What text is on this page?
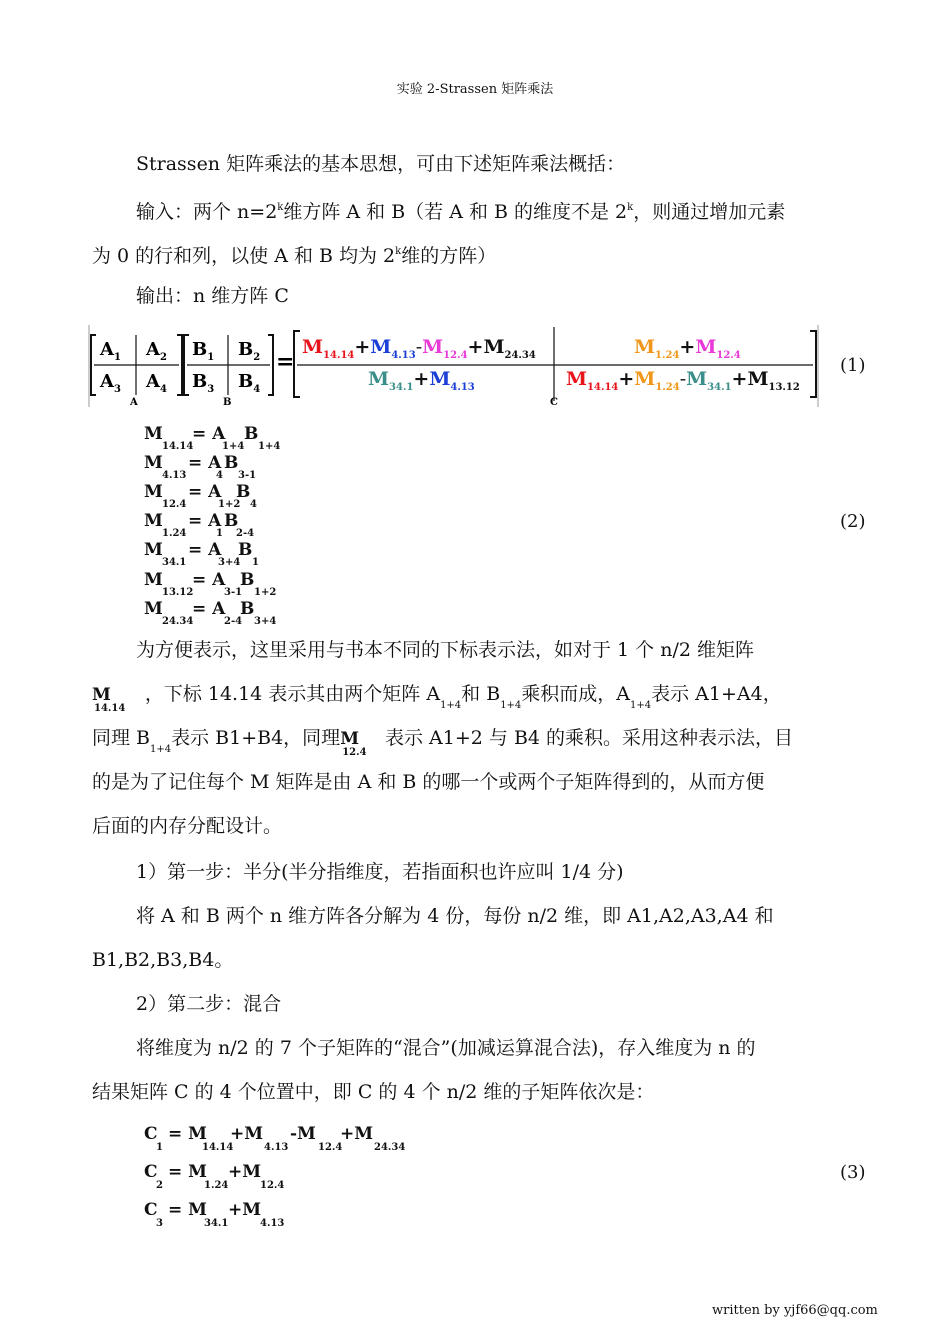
实验 2-Strassen 矩阵乘法
Strassen 矩阵乘法的基本思想，可由下述矩阵乘法概括：
输入：两个 $n=2^k$维方阵 A 和 B（若 A 和 B 的维度不是 2$^k$，则通过增加元素
为 0 的行和列，以使 A 和 B 均为 2$^k$维的方阵）
输出：n 维方阵 C
$A_1$ $A_2$
$A_3$ $A_4$
A
$B_1$ $B_2$
$B_3$ $B_4$
B
=
$M_{14.14}+M_{4.13}-M_{12.4}+M_{24.34}$	$M_{1.24}+M_{12.4}$
$M_{34.1}+M_{4.13}$	$M_{14.14}+M_{1.24}-M_{34.1}+M_{13.12}$
C
(1)
M
14.14
= A
1+4
B
1+4
M
4.13
= A
4
B
3-1
M
12.4
= A
1+2
B
4
M
1.24
= A
1
B
2-4
M
34.1
= A
3+4
B
1
M
13.12
= A
3-1
B
1+2
M
24.34
= A
2-4
B
3+4
(2)
为方便表示，这里采用与书本不同的下标表示法，如对于 1 个 n/2 维矩阵
M
14.14
，下标 14.14 表示其由两个矩阵 $A_{1+4}$和 $B_{1+4}$乘积而成，$A_{1+4}$表示 A1+A4，
同理 $B_{1+4}$表示 B1+B4，同理M
12.4
表示 A1+2 与 B4 的乘积。采用这种表示法，目
的是为了记住每个 M 矩阵是由 A 和 B 的哪一个或两个子矩阵得到的，从而方便
后面的内存分配设计。
1）第一步：半分(半分指维度，若指面积也许应叫 1/4 分)
将 A 和 B 两个 n 维方阵各分解为 4 份，每份 n/2 维，即 A1,A2,A3,A4 和
B1,B2,B3,B4。
2）第二步：混合
将维度为 n/2 的 7 个子矩阵的“混合”(加减运算混合法)，存入维度为 n 的
结果矩阵 C 的 4 个位置中，即 C 的 4 个 n/2 维的子矩阵依次是：
C
1
= M
14.14
+M
4.13
-M
12.4
+M
24.34
C
2
= M
1.24
+M
12.4
C
3
= M
34.1
+M
4.13
(3)
written by yjf66@qq.com
